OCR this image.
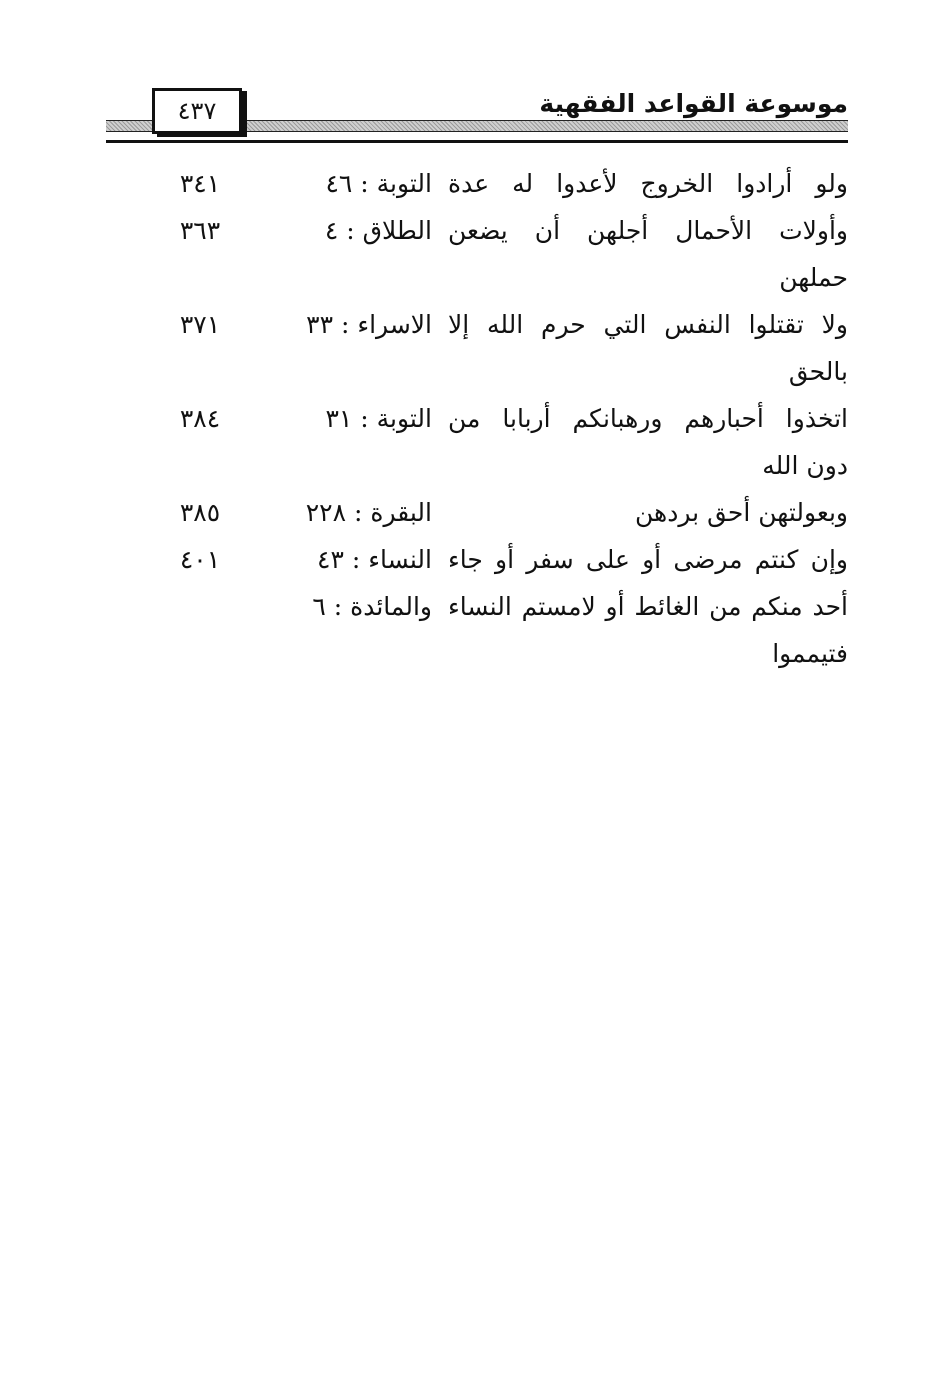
٤٣٧	موسوعة القواعد الفقهية
ولو أرادوا الخروج لأعدوا له عدة
التوبة : ٤٦
٣٤١
وأولات الأحمال أجلهن أن يضعن
الطلاق : ٤
٣٦٣
حملهن
ولا تقتلوا النفس التي حرم الله إلا
الاسراء : ٣٣
٣٧١
بالحق
اتخذوا أحبارهم ورهبانكم أربابا من
التوبة : ٣١
٣٨٤
دون الله
وبعولتهن أحق بردهن
البقرة : ٢٢٨
٣٨٥
وإن كنتم مرضى أو على سفر أو جاء
النساء : ٤٣
٤٠١
أحد منكم من الغائط أو لامستم النساء
والمائدة : ٦
فتيمموا
